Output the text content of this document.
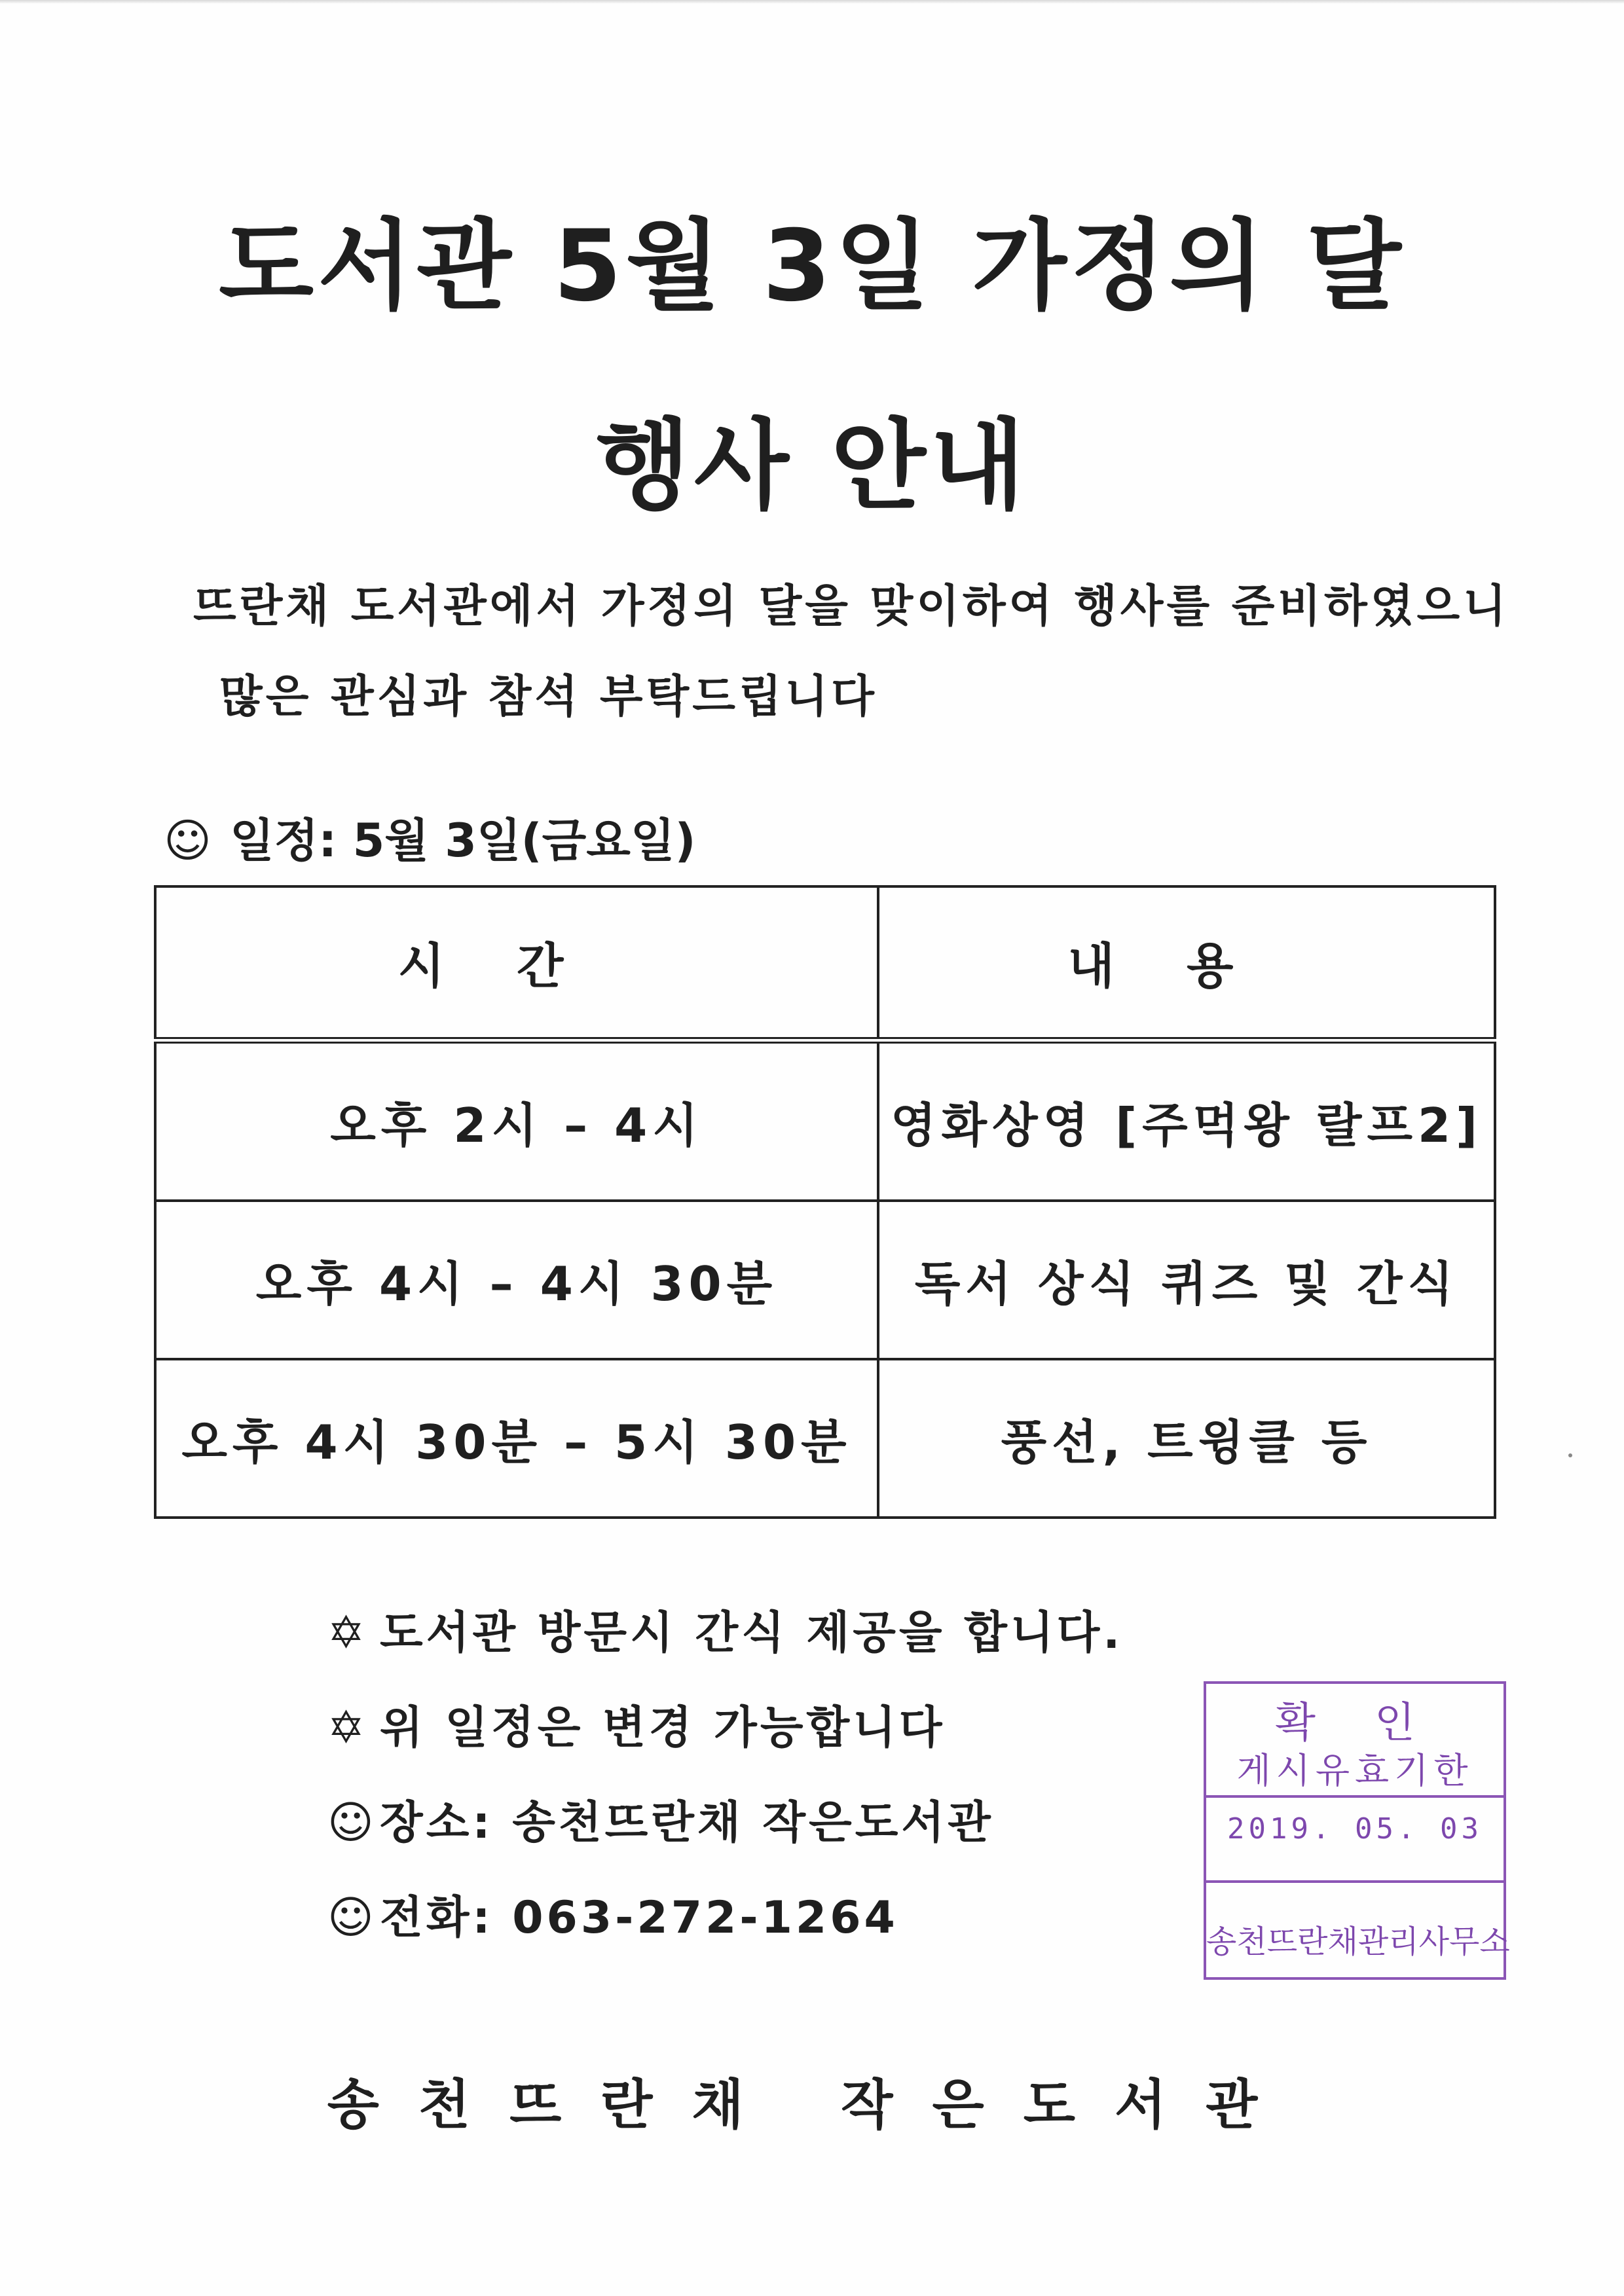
도서관 5월 3일 가정의 달
행사 안내
뜨란채 도서관에서 가정의 달을 맞이하여 행사를 준비하였으니
많은 관심과 참석 부탁드립니다
☺ 일정: 5월 3일(금요일)
시간	내용
오후 2시 – 4시	영화상영 [주먹왕 랄프2]
오후 4시 – 4시 30분	독서 상식 퀴즈 및 간식
오후 4시 30분 – 5시 30분	풍선, 트윙클 등
✡ 도서관 방문시 간식 제공을 합니다.
✡ 위 일정은 변경 가능합니다
☺ 장소: 송천뜨란채 작은도서관
☺ 전화: 063-272-1264
확인
게시유효기한
2019. 05. 03
송천뜨란채관리사무소
송천뜨란채 작은도서관
